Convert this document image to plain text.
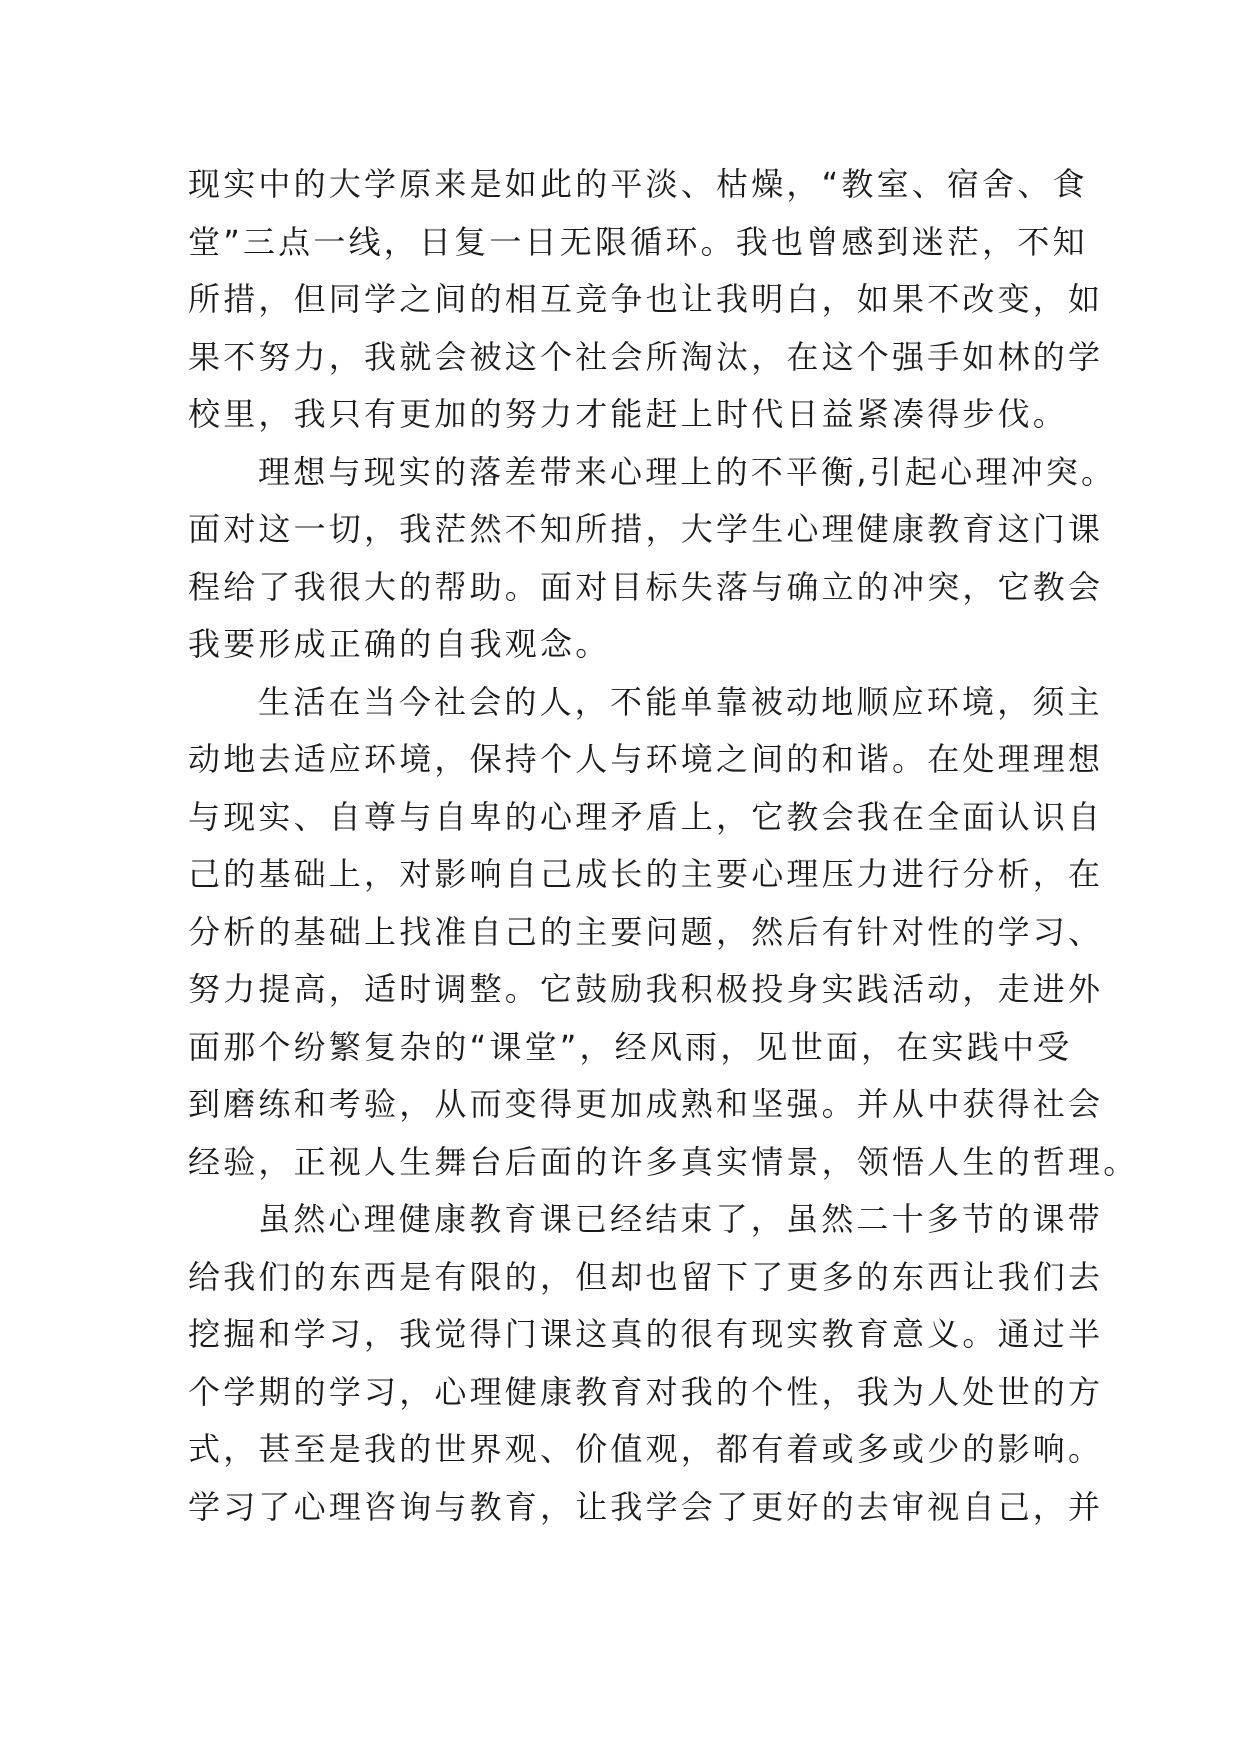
现实中的大学原来是如此的平淡、枯燥，“教室、宿舍、食
堂”三点一线，日复一日无限循环。我也曾感到迷茫，不知
所措，但同学之间的相互竞争也让我明白，如果不改变，如
果不努力，我就会被这个社会所淘汰，在这个强手如林的学
校里，我只有更加的努力才能赶上时代日益紧凑得步伐。
理想与现实的落差带来心理上的不平衡,引起心理冲突。
面对这一切，我茫然不知所措，大学生心理健康教育这门课
程给了我很大的帮助。面对目标失落与确立的冲突，它教会
我要形成正确的自我观念。
生活在当今社会的人，不能单靠被动地顺应环境，须主
动地去适应环境，保持个人与环境之间的和谐。在处理理想
与现实、自尊与自卑的心理矛盾上，它教会我在全面认识自
己的基础上，对影响自己成长的主要心理压力进行分析，在
分析的基础上找准自己的主要问题，然后有针对性的学习、
努力提高，适时调整。它鼓励我积极投身实践活动，走进外
面那个纷繁复杂的“课堂”，经风雨，见世面，在实践中受
到磨练和考验，从而变得更加成熟和坚强。并从中获得社会
经验，正视人生舞台后面的许多真实情景，领悟人生的哲理。
虽然心理健康教育课已经结束了，虽然二十多节的课带
给我们的东西是有限的，但却也留下了更多的东西让我们去
挖掘和学习，我觉得门课这真的很有现实教育意义。通过半
个学期的学习，心理健康教育对我的个性，我为人处世的方
式，甚至是我的世界观、价值观，都有着或多或少的影响。
学习了心理咨询与教育，让我学会了更好的去审视自己，并
